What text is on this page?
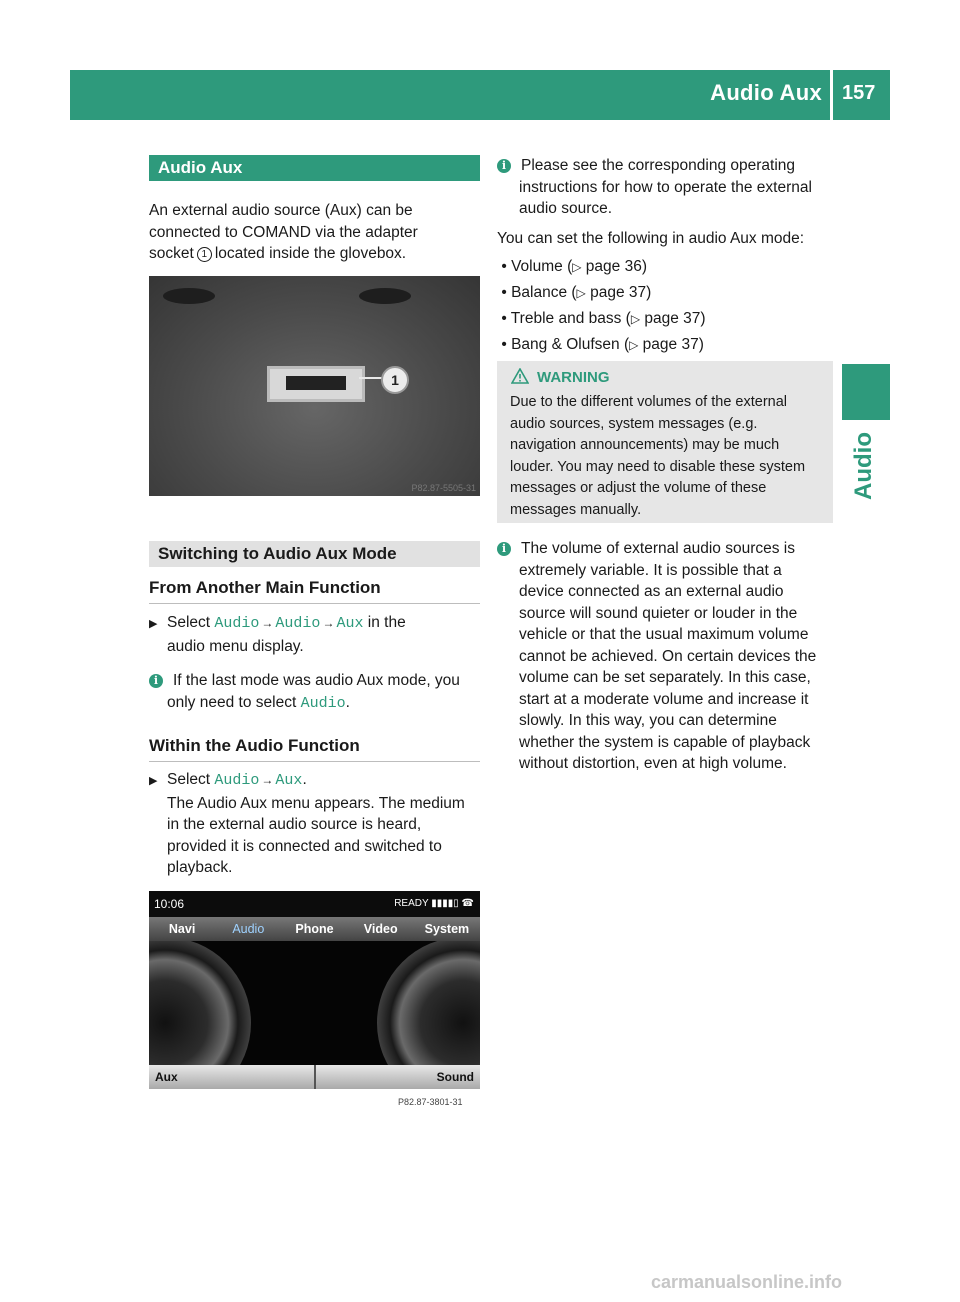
Audio Aux 157
Audio
Audio Aux
An external audio source (Aux) can be
connected to COMAND via the adapter
socket 1 located inside the glovebox.
1
P82.87-5505-31
Switching to Audio Aux Mode
From Another Main Function
▶ Select Audio → Audio → Aux in the
audio menu display.
i If the last mode was audio Aux mode, you
only need to select Audio.
Within the Audio Function
▶ Select Audio → Aux.
The Audio Aux menu appears. The medium
in the external audio source is heard,
provided it is connected and switched to
playback.
10:06	READY ▮▮▮▮▯ ☎
Navi	Audio	Phone	Video	System
Aux	Sound
P82.87-3801-31
i Please see the corresponding operating
instructions for how to operate the external
audio source.
You can set the following in audio Aux mode:
• Volume (▷ page 36)
• Balance (▷ page 37)
• Treble and bass (▷ page 37)
• Bang & Olufsen (▷ page 37)
WARNING
Due to the different volumes of the external
audio sources, system messages (e.g.
navigation announcements) may be much
louder. You may need to disable these system
messages or adjust the volume of these
messages manually.
i The volume of external audio sources is
extremely variable. It is possible that a
device connected as an external audio
source will sound quieter or louder in the
vehicle or that the usual maximum volume
cannot be achieved. On certain devices the
volume can be set separately. In this case,
start at a moderate volume and increase it
slowly. In this way, you can determine
whether the system is capable of playback
without distortion, even at high volume.
carmanualsonline.info
